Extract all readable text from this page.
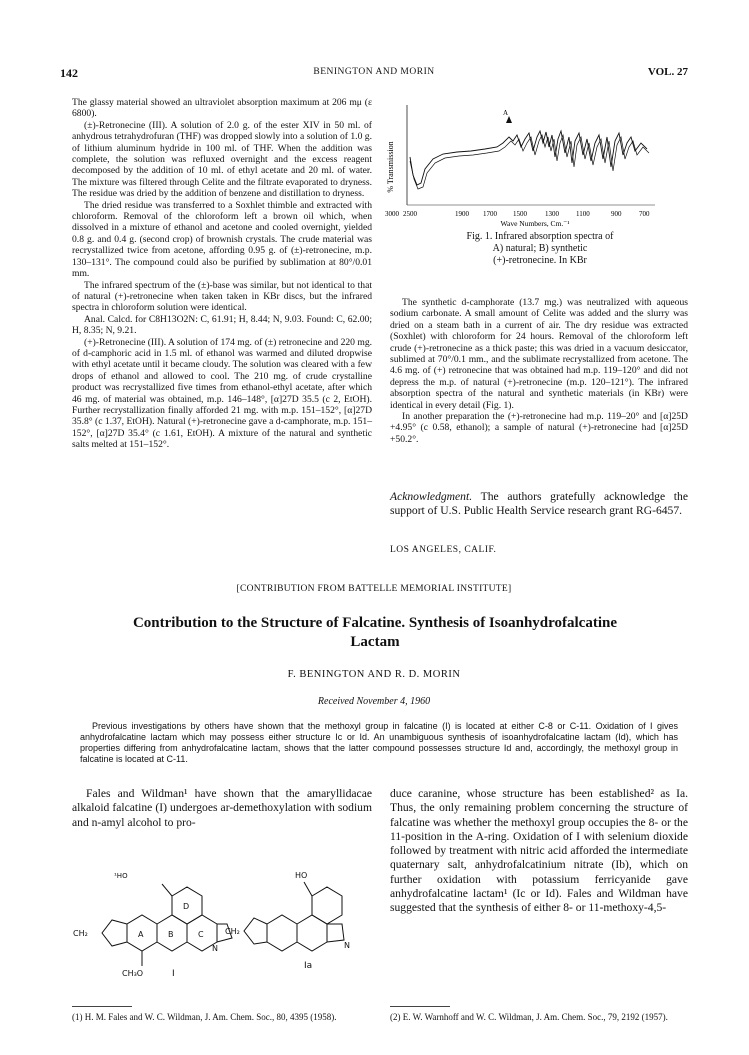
142	BENINGTON AND MORIN	VOL. 27

The glassy material showed an ultraviolet absorption maximum at 206 mμ (ε 6800).

(±)-Retronecine (III). A solution of 2.0 g. of the ester XIV in 50 ml. of anhydrous tetrahydrofuran (THF) was dropped slowly into a solution of 1.0 g. of lithium aluminum hydride in 100 ml. of THF. When the addition was complete, the solution was refluxed overnight and the excess reagent decomposed by the addition of 10 ml. of ethyl acetate and 20 ml. of water. The mixture was filtered through Celite and the filtrate evaporated to dryness. The residue was dried by the addition of benzene and distillation to dryness.

The dried residue was transferred to a Soxhlet thimble and extracted with chloroform. Removal of the chloroform left a brown oil which, when dissolved in a mixture of ethanol and acetone and cooled overnight, yielded 0.8 g. and 0.4 g. (second crop) of brownish crystals. The crude material was recrystallized twice from acetone, affording 0.95 g. of (±)-retronecine, m.p. 130–131°. The compound could also be purified by sublimation at 80°/0.01 mm.

The infrared spectrum of the (±)-base was similar, but not identical to that of natural (+)-retronecine when taken taken in KBr discs, but the infrared spectra in chloroform solution were identical.

Anal. Calcd. for C8H13O2N: C, 61.91; H, 8.44; N, 9.03. Found: C, 62.00; H, 8.35; N, 9.21.

(+)-Retronecine (III). A solution of 174 mg. of (±) retronecine and 220 mg. of d-camphoric acid in 1.5 ml. of ethanol was warmed and diluted dropwise with ethyl acetate until it became cloudy. The solution was cleared with a few drops of ethanol and allowed to cool. The 210 mg. of crude crystalline product was recrystallized five times from ethanol-ethyl acetate, after which 46 mg. of material was obtained, m.p. 146–148°, [α]27D 35.5 (c 2, EtOH). Further recrystallization finally afforded 21 mg. with m.p. 151–152°, [α]27D 35.8° (c 1.37, EtOH). Natural (+)-retronecine gave a d-camphorate, m.p. 151–152°, [α]27D 35.4° (c 1.61, EtOH). A mixture of the natural and synthetic salts melted at 151–152°.

% Transmission
A
3000 2500	1900 1700 1500	1300 1100	900	700
Wave Numbers, Cm.⁻¹
Fig. 1. Infrared absorption spectra of
A) natural; B) synthetic
(+)-retronecine. In KBr

The synthetic d-camphorate (13.7 mg.) was neutralized with aqueous sodium carbonate. A small amount of Celite was added and the slurry was dried on a steam bath in a current of air. The dry residue was extracted (Soxhlet) with chloroform for 24 hours. Removal of the chloroform left crude (+)-retronecine as a thick paste; this was dried in a vacuum desiccator, sublimed at 70°/0.1 mm., and the sublimate recrystallized from acetone. The 4.6 mg. of (+) retronecine that was obtained had m.p. 119–120° and did not depress the m.p. of natural (+)-retronecine (m.p. 120–121°). The infrared absorption spectra of the natural and synthetic materials (in KBr) were identical in every detail (Fig. 1).

In another preparation the (+)-retronecine had m.p. 119–20° and [α]25D +4.95° (c 0.58, ethanol); a sample of natural (+)-retronecine had [α]25D +50.2°.

Acknowledgment. The authors gratefully acknowledge the support of U.S. Public Health Service research grant RG-6457.
LOS ANGELES, CALIF.
[CONTRIBUTION FROM BATTELLE MEMORIAL INSTITUTE]
Contribution to the Structure of Falcatine. Synthesis of Isoanhydrofalcatine
Lactam
F. BENINGTON AND R. D. MORIN
Received November 4, 1960
Previous investigations by others have shown that the methoxyl group in falcatine (I) is located at either C-8 or C-11. Oxidation of I gives anhydrofalcatine lactam which may possess either structure Ic or Id. An unambiguous synthesis of isoanhydrofalcatine lactam (Id), which has properties differing from anhydrofalcatine lactam, shows that the latter compound possesses structure Id and, accordingly, the methoxyl group in falcatine is located at C-11.
Fales and Wildman¹ have shown that the amaryllidacae alkaloid falcatine (I) undergoes ar-demethoxylation with sodium and n-amyl alcohol to pro-
duce caranine, whose structure has been established² as Ia. Thus, the only remaining problem concerning the structure of falcatine was whether the methoxyl group occupies the 8- or the 11-position in the A-ring. Oxidation of I with selenium dioxide followed by treatment with nitric acid afforded the intermediate quaternary salt, anhydrofalcatinium nitrate (Ib), which on further oxidation with potassium ferricyanide gave anhydrofalcatine lactam¹ (Ic or Id). Fales and Wildman have suggested that the synthesis of either 8- or 11-methoxy-4,5-
¹HO
CH₂	A	B	C
D
N
CH₃O	I
HO
CH₂
N
Ia
(1) H. M. Fales and W. C. Wildman, J. Am. Chem. Soc., 80, 4395 (1958).	(2) E. W. Warnhoff and W. C. Wildman, J. Am. Chem. Soc., 79, 2192 (1957).
